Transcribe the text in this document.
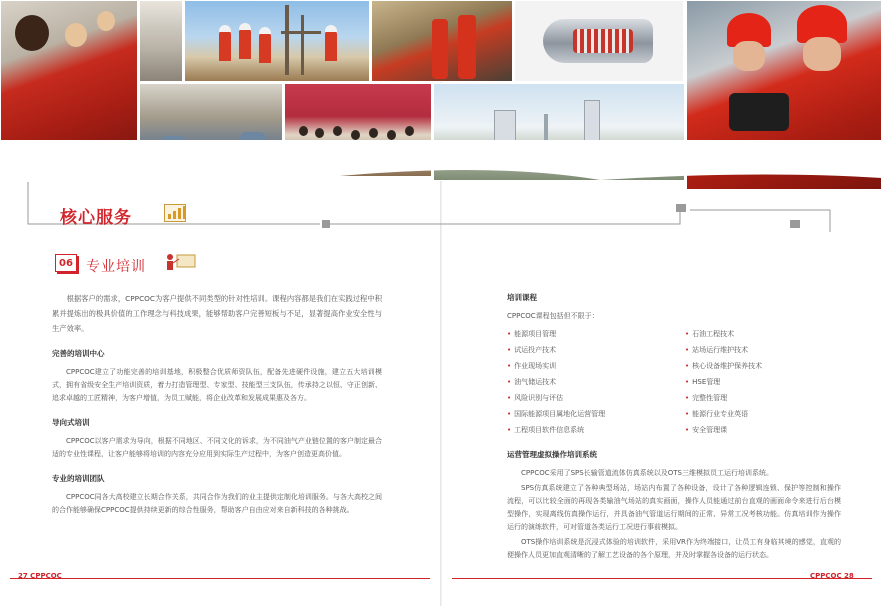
核心服务
06 专业培训

根据客户的需求，CPPCOC为客户提供不同类型的针对性培训。课程内容都是我们在实践过程中积累并提炼出的极具价值的工作理念与科技成果，能够帮助客户完善短板与不足，显著提高作业安全性与生产效率。

完善的培训中心

CPPCOC建立了功能完善的培训基地，积极整合优质师资队伍，配备先进硬件设施，建立五大培训模式，拥有省级安全生产培训资质，着力打造管理型、专家型、技能型三支队伍，传承持之以恒、守正创新、追求卓越的工匠精神，为客户增值，为员工赋能，将企业改革和发展成果惠及各方。

导向式培训

CPPCOC以客户需求为导向，根据不同地区、不同文化的诉求，为不同油气产业链位置的客户制定最合适的专业性课程，让客户能够将培训的内容充分应用到实际生产过程中，为客户创造更高价值。

专业的培训团队

CPPCOC同各大高校建立长期合作关系，共同合作为我们的业主提供定制化培训服务。与各大高校之间的合作能够确保CPPCOC提供持续更新的综合性服务，帮助客户自由应对来自新科技的各种挑战。

培训课程
CPPCOC课程包括但不限于：
• 能源项目管理	• 石油工程技术
• 试运投产技术	• 站场运行维护技术
• 作业现场实训	• 核心设备维护保养技术
• 油气储运技术	• HSE管理
• 风险识别与评估	• 完整性管理
• 国际能源项目属地化运营管理	• 能源行业专业英语
• 工程项目软件信息系统	• 安全管理课
运营管理虚拟操作培训系统

CPPCOC采用了SPS长输管道流体仿真系统以及OTS三维模拟员工运行培训系统。

SPS仿真系统建立了各种典型场站，场站内布置了各种设备，设计了各种逻辑连锁、保护等控制和操作流程，可以比较全面的再现各类输油气场站的真实画面，操作人员能通过前台直观的画面命令来进行后台模型操作，实现离线仿真操作运行，并具备油气管道运行期间的正常、异常工况考核功能。仿真培训作为操作运行的演练软件，可对管道各类运行工况进行事前模拟。

OTS操作培训系统是沉浸式体验的培训软件，采用VR作为终端接口，让员工有身临其境的感觉，直观的便操作人员更加直观清晰的了解工艺设备的各个原理，并及时掌握各设备的运行状态。

27 CPPCOC	CPPCOC 28
